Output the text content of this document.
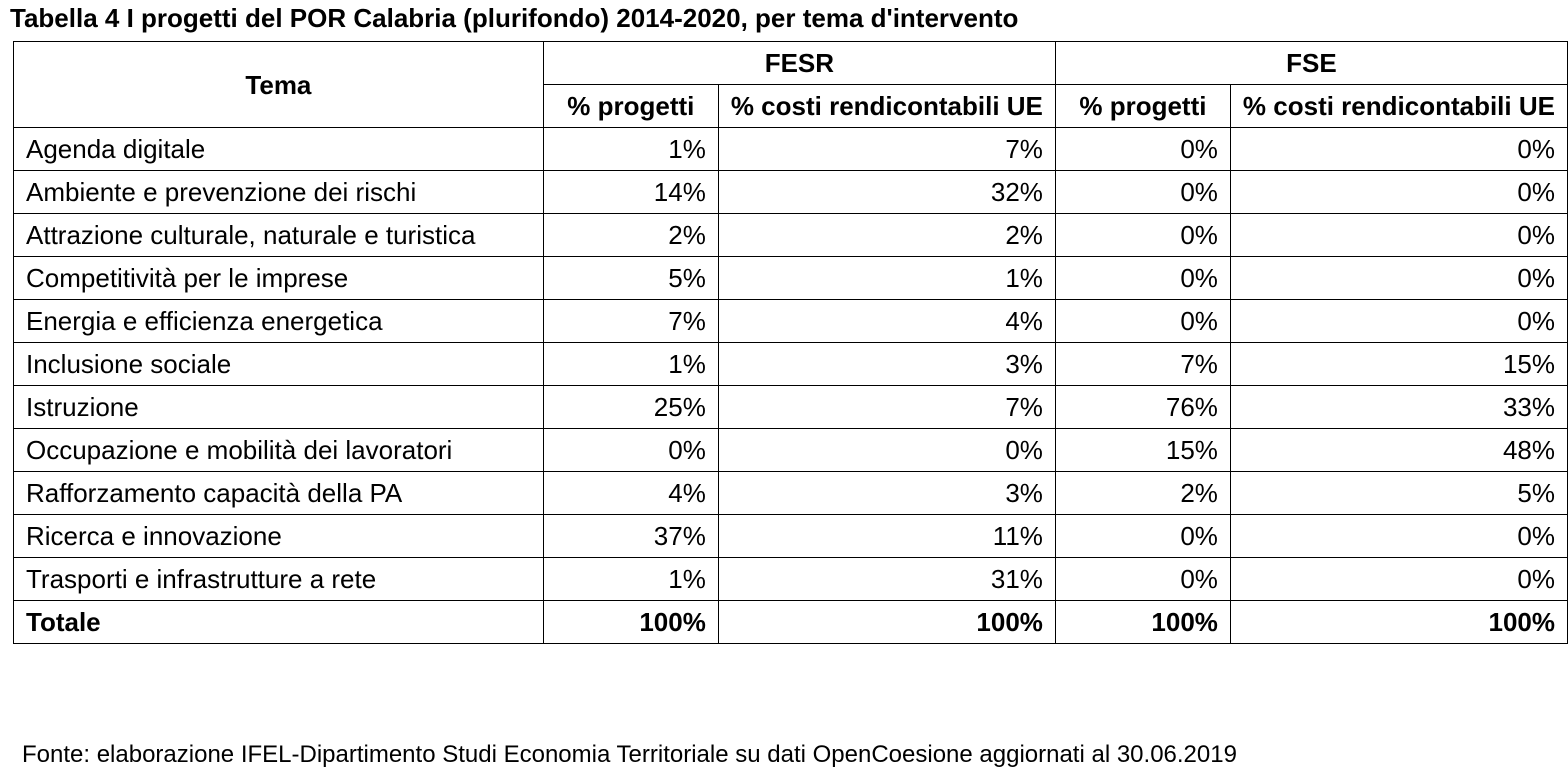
Tabella 4 I progetti del POR Calabria (plurifondo) 2014-2020, per tema d'intervento
Tema	FESR		FSE	
	% progetti	% costi rendicontabili UE	% progetti	% costi rendicontabili UE
Agenda digitale	1%	7%	0%	0%
Ambiente e prevenzione dei rischi	14%	32%	0%	0%
Attrazione culturale, naturale e turistica	2%	2%	0%	0%
Competitività per le imprese	5%	1%	0%	0%
Energia e efficienza energetica	7%	4%	0%	0%
Inclusione sociale	1%	3%	7%	15%
Istruzione	25%	7%	76%	33%
Occupazione e mobilità dei lavoratori	0%	0%	15%	48%
Rafforzamento capacità della PA	4%	3%	2%	5%
Ricerca e innovazione	37%	11%	0%	0%
Trasporti e infrastrutture a rete	1%	31%	0%	0%
Totale	100%	100%	100%	100%
Fonte: elaborazione IFEL-Dipartimento Studi Economia Territoriale su dati OpenCoesione aggiornati al 30.06.2019
